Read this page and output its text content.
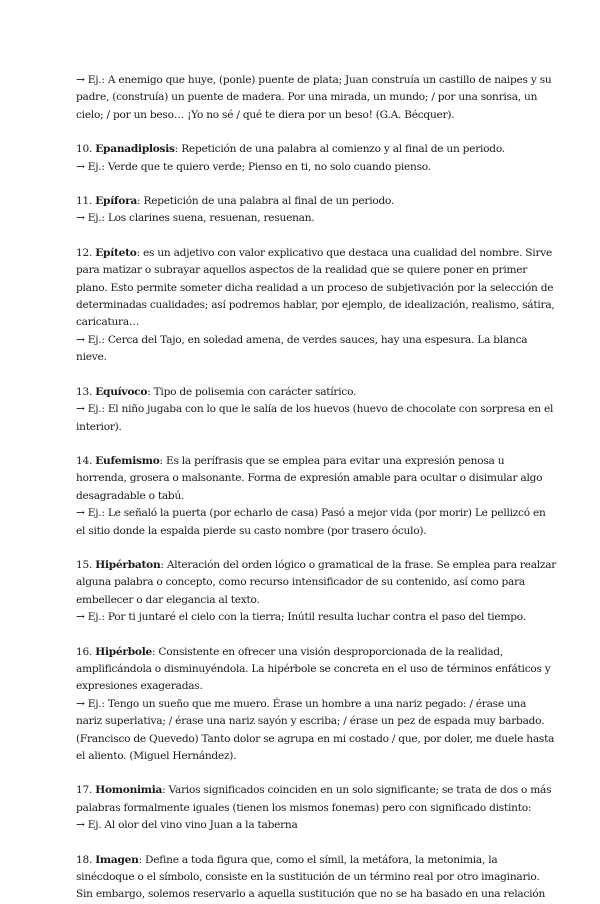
→ Ej.: A enemigo que huye, (ponle) puente de plata; Juan construía un castillo de naipes y su
padre, (construía) un puente de madera. Por una mirada, un mundo; / por una sonrisa, un
cielo; / por un beso… ¡Yo no sé / qué te diera por un beso! (G.A. Bécquer).
10. Epanadiplosis: Repetición de una palabra al comienzo y al final de un periodo.
→ Ej.: Verde que te quiero verde; Pienso en ti, no solo cuando pienso.
11. Epífora: Repetición de una palabra al final de un periodo.
→ Ej.: Los clarines suena, resuenan, resuenan.
12. Epíteto: es un adjetivo con valor explicativo que destaca una cualidad del nombre. Sirve
para matizar o subrayar aquellos aspectos de la realidad que se quiere poner en primer
plano. Esto permite someter dicha realidad a un proceso de subjetivación por la selección de
determinadas cualidades; así podremos hablar, por ejemplo, de idealización, realismo, sátira,
caricatura…
→ Ej.: Cerca del Tajo, en soledad amena, de verdes sauces, hay una espesura. La blanca
nieve.
13. Equívoco: Tipo de polisemia con carácter satírico.
→ Ej.: El niño jugaba con lo que le salía de los huevos (huevo de chocolate con sorpresa en el
interior).
14. Eufemismo: Es la perífrasis que se emplea para evitar una expresión penosa u
horrenda, grosera o malsonante. Forma de expresión amable para ocultar o disimular algo
desagradable o tabú.
→ Ej.: Le señaló la puerta (por echarlo de casa) Pasó a mejor vida (por morir) Le pellizcó en
el sitio donde la espalda pierde su casto nombre (por trasero óculo).
15. Hipérbaton: Alteración del orden lógico o gramatical de la frase. Se emplea para realzar
alguna palabra o concepto, como recurso intensificador de su contenido, así como para
embellecer o dar elegancia al texto.
→ Ej.: Por ti juntaré el cielo con la tierra; Inútil resulta luchar contra el paso del tiempo.
16. Hipérbole: Consistente en ofrecer una visión desproporcionada de la realidad,
amplificándola o disminuyéndola. La hipérbole se concreta en el uso de términos enfáticos y
expresiones exageradas.
→ Ej.: Tengo un sueño que me muero. Érase un hombre a una nariz pegado: / érase una
nariz superlativa; / érase una nariz sayón y escriba; / érase un pez de espada muy barbado.
(Francisco de Quevedo) Tanto dolor se agrupa en mi costado / que, por doler, me duele hasta
el aliento. (Miguel Hernández).
17. Homonimia: Varios significados coinciden en un solo significante; se trata de dos o más
palabras formalmente iguales (tienen los mismos fonemas) pero con significado distinto:
→ Ej. Al olor del vino vino Juan a la taberna
18. Imagen: Define a toda figura que, como el símil, la metáfora, la metonimia, la
sinécdoque o el símbolo, consiste en la sustitución de un término real por otro imaginario.
Sin embargo, solemos reservarlo a aquella sustitución que no se ha basado en una relación
